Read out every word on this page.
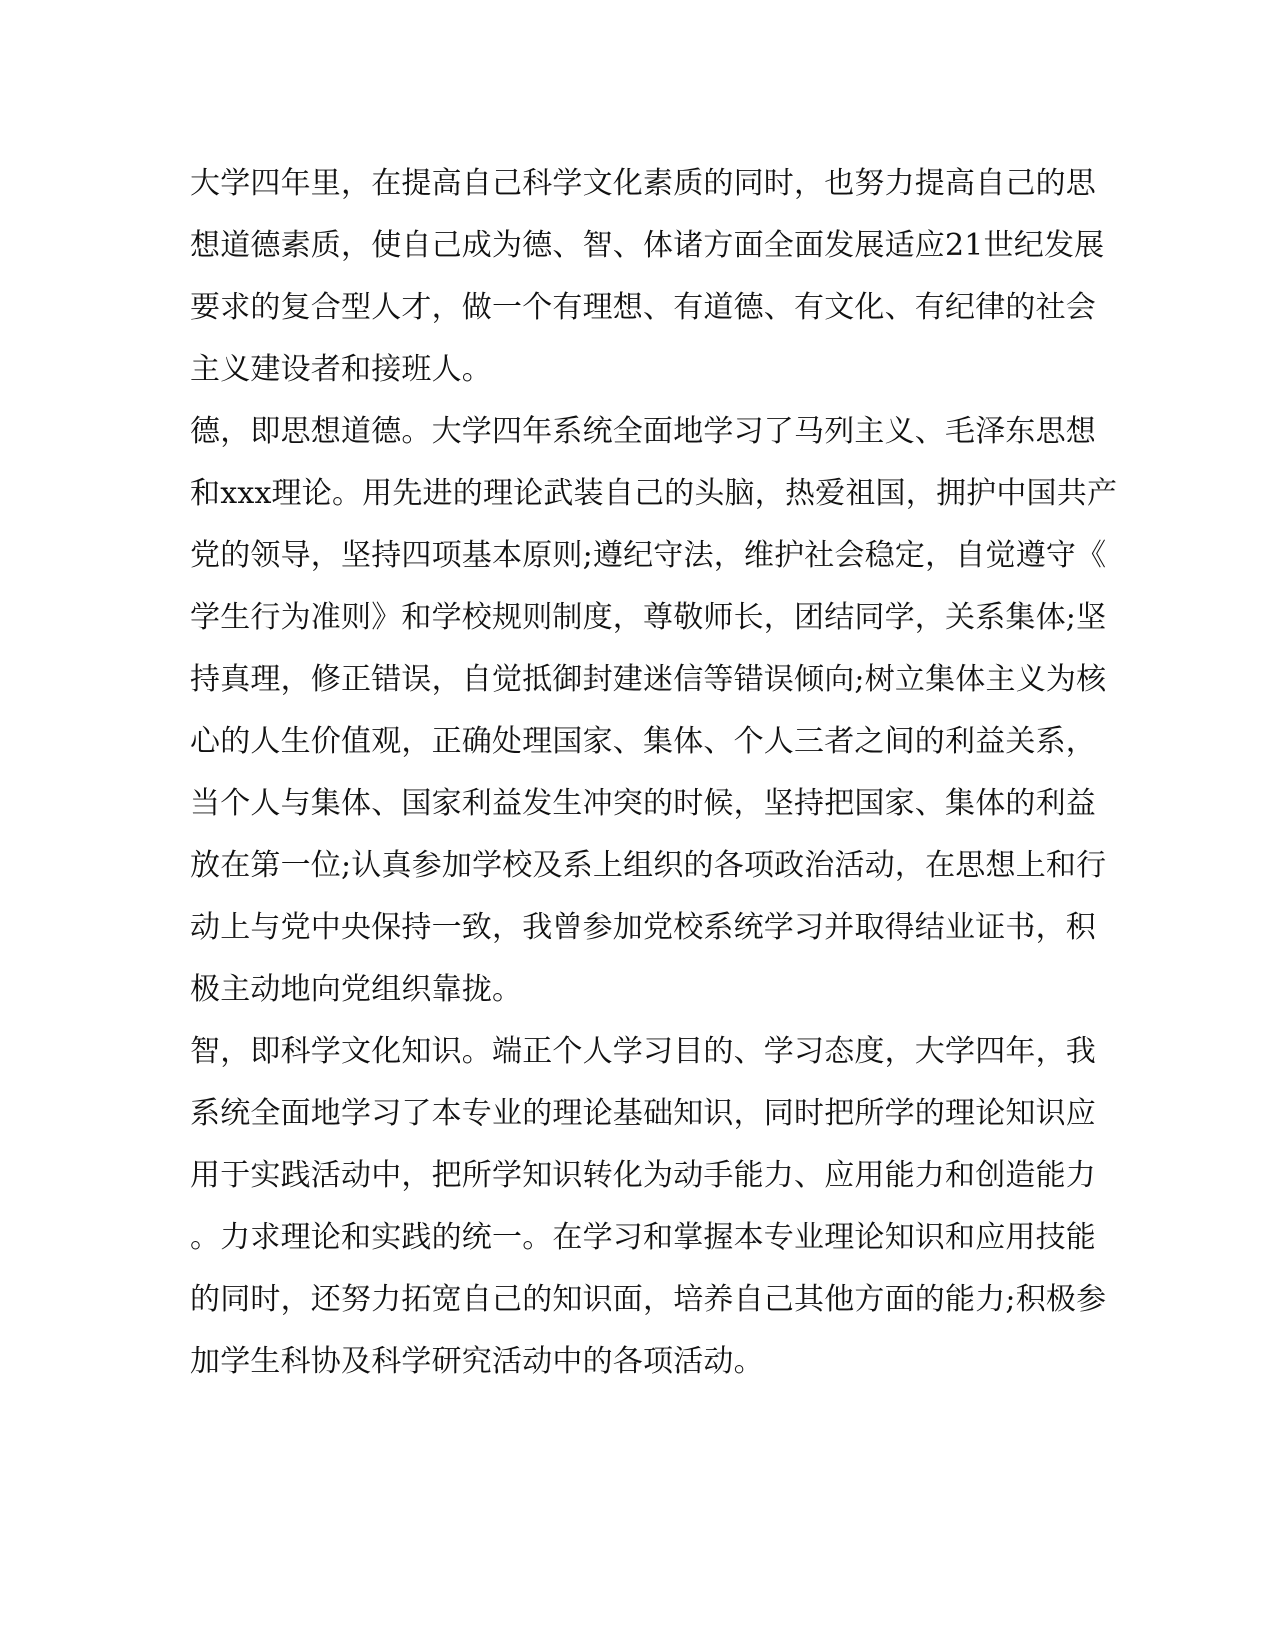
大学四年里，在提高自己科学文化素质的同时，也努力提高自己的思
想道德素质，使自己成为德、智、体诸方面全面发展适应21世纪发展
要求的复合型人才，做一个有理想、有道德、有文化、有纪律的社会
主义建设者和接班人。
德，即思想道德。大学四年系统全面地学习了马列主义、毛泽东思想
和xxx理论。用先进的理论武装自己的头脑，热爱祖国，拥护中国共产
党的领导，坚持四项基本原则;遵纪守法，维护社会稳定，自觉遵守《
学生行为准则》和学校规则制度，尊敬师长，团结同学，关系集体;坚
持真理，修正错误，自觉抵御封建迷信等错误倾向;树立集体主义为核
心的人生价值观，正确处理国家、集体、个人三者之间的利益关系，
当个人与集体、国家利益发生冲突的时候，坚持把国家、集体的利益
放在第一位;认真参加学校及系上组织的各项政治活动，在思想上和行
动上与党中央保持一致，我曾参加党校系统学习并取得结业证书，积
极主动地向党组织靠拢。
智，即科学文化知识。端正个人学习目的、学习态度，大学四年，我
系统全面地学习了本专业的理论基础知识，同时把所学的理论知识应
用于实践活动中，把所学知识转化为动手能力、应用能力和创造能力
。力求理论和实践的统一。在学习和掌握本专业理论知识和应用技能
的同时，还努力拓宽自己的知识面，培养自己其他方面的能力;积极参
加学生科协及科学研究活动中的各项活动。
